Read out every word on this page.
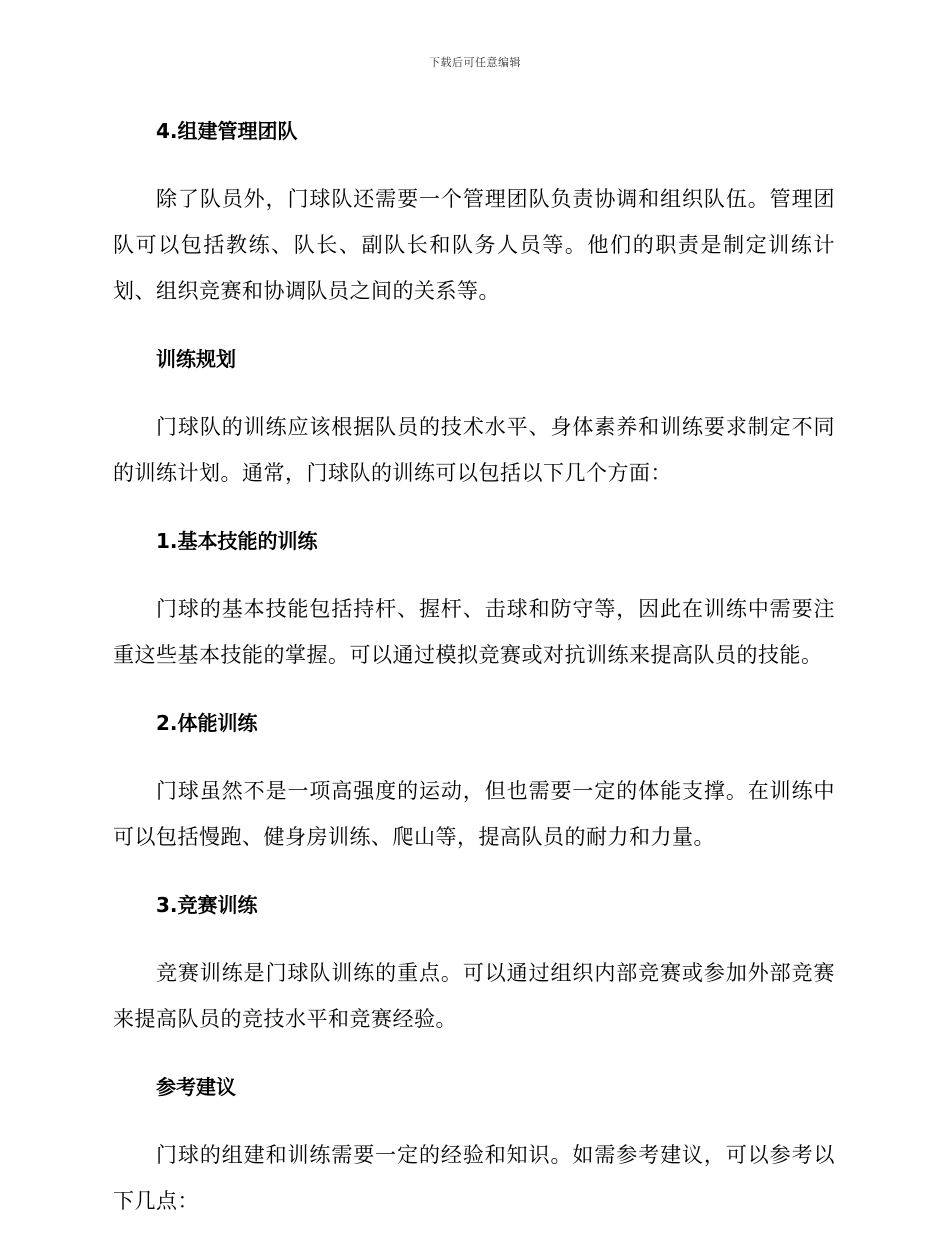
下载后可任意编辑
4.组建管理团队

除了队员外，门球队还需要一个管理团队负责协调和组织队伍。管理团队可以包括教练、队长、副队长和队务人员等。他们的职责是制定训练计划、组织竞赛和协调队员之间的关系等。

训练规划

门球队的训练应该根据队员的技术水平、身体素养和训练要求制定不同的训练计划。通常，门球队的训练可以包括以下几个方面：

1.基本技能的训练

门球的基本技能包括持杆、握杆、击球和防守等，因此在训练中需要注重这些基本技能的掌握。可以通过模拟竞赛或对抗训练来提高队员的技能。

2.体能训练

门球虽然不是一项高强度的运动，但也需要一定的体能支撑。在训练中可以包括慢跑、健身房训练、爬山等，提高队员的耐力和力量。

3.竞赛训练

竞赛训练是门球队训练的重点。可以通过组织内部竞赛或参加外部竞赛来提高队员的竞技水平和竞赛经验。

参考建议

门球的组建和训练需要一定的经验和知识。如需参考建议，可以参考以下几点：
